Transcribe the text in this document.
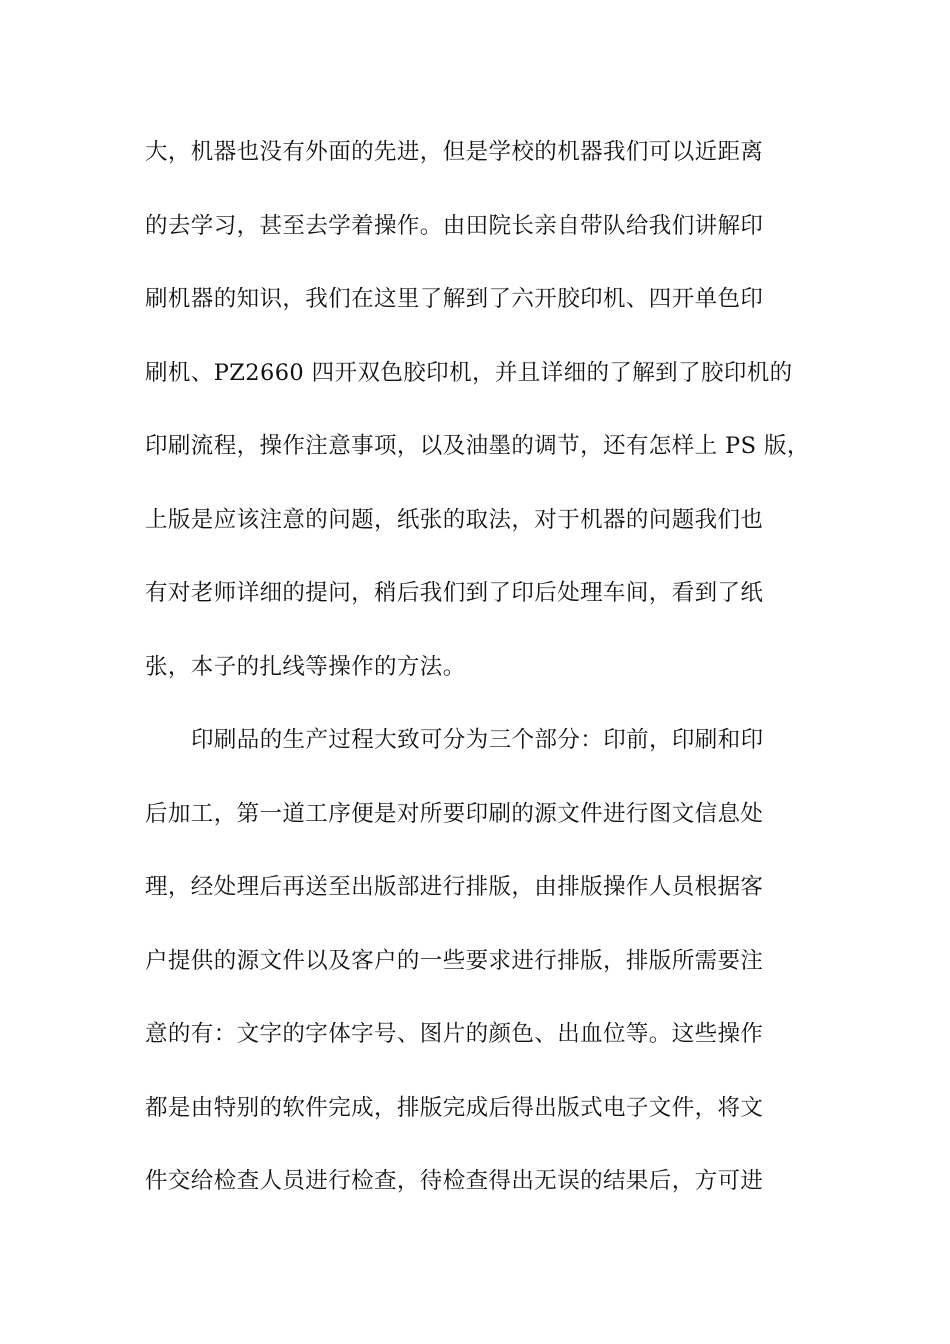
大，机器也没有外面的先进，但是学校的机器我们可以近距离
的去学习，甚至去学着操作。由田院长亲自带队给我们讲解印
刷机器的知识，我们在这里了解到了六开胶印机、四开单色印
刷机、PZ2660 四开双色胶印机，并且详细的了解到了胶印机的
印刷流程，操作注意事项，以及油墨的调节，还有怎样上 PS 版，
上版是应该注意的问题，纸张的取法，对于机器的问题我们也
有对老师详细的提问，稍后我们到了印后处理车间，看到了纸
张，本子的扎线等操作的方法。
印刷品的生产过程大致可分为三个部分：印前，印刷和印
后加工，第一道工序便是对所要印刷的源文件进行图文信息处
理，经处理后再送至出版部进行排版，由排版操作人员根据客
户提供的源文件以及客户的一些要求进行排版，排版所需要注
意的有：文字的字体字号、图片的颜色、出血位等。这些操作
都是由特别的软件完成，排版完成后得出版式电子文件，将文
件交给检查人员进行检查，待检查得出无误的结果后，方可进
